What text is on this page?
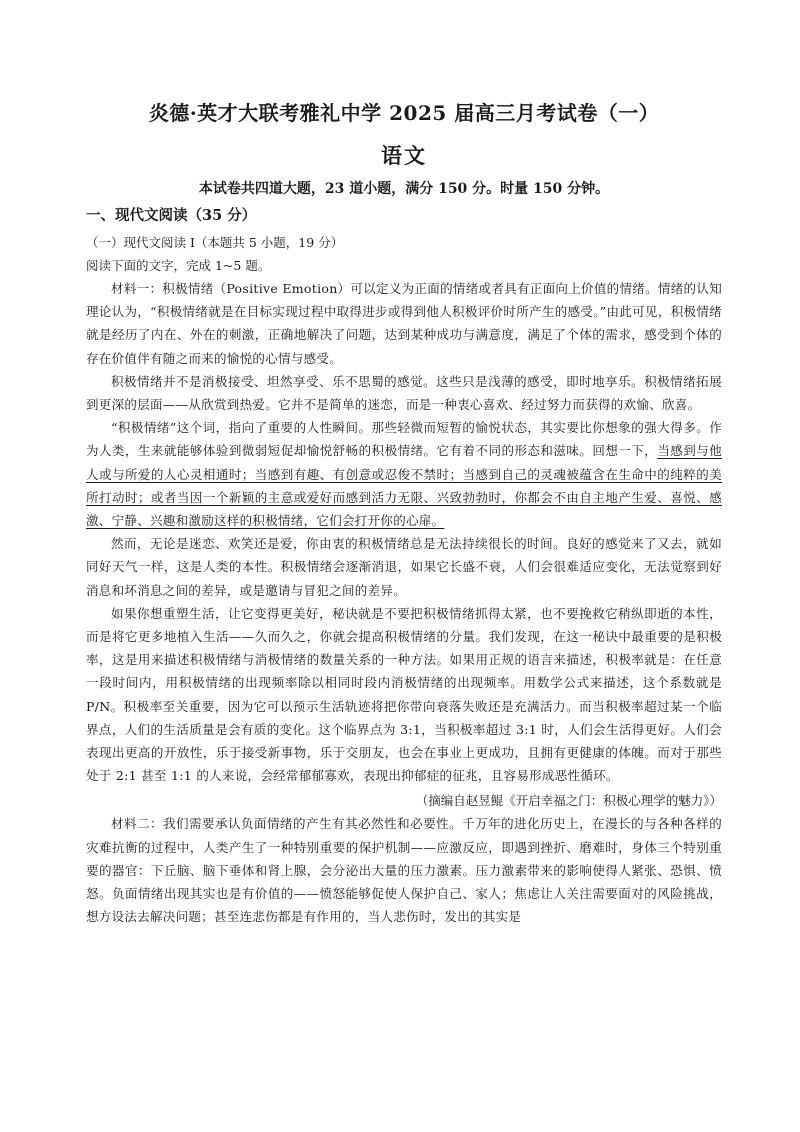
炎德·英才大联考雅礼中学 2025 届高三月考试卷（一）
语文

本试卷共四道大题，23 道小题，满分 150 分。时量 150 分钟。

一、现代文阅读（35 分）

（一）现代文阅读 I（本题共 5 小题，19 分）

阅读下面的文字，完成 1~5 题。

材料一：积极情绪（Positive Emotion）可以定义为正面的情绪或者具有正面向上价值的情绪。情绪的认知理论认为，“积极情绪就是在目标实现过程中取得进步或得到他人积极评价时所产生的感受。”由此可见，积极情绪就是经历了内在、外在的刺激，正确地解决了问题，达到某种成功与满意度，满足了个体的需求，感受到个体的存在价值伴有随之而来的愉悦的心情与感受。

积极情绪并不是消极接受、坦然享受、乐不思蜀的感觉。这些只是浅薄的感受，即时地享乐。积极情绪拓展到更深的层面——从欣赏到热爱。它并不是简单的迷恋，而是一种衷心喜欢、经过努力而获得的欢愉、欣喜。

“积极情绪”这个词，指向了重要的人性瞬间。那些轻微而短暂的愉悦状态，其实要比你想象的强大得多。作为人类，生来就能够体验到微弱短促却愉悦舒畅的积极情绪。它有着不同的形态和滋味。回想一下，当感到与他人或与所爱的人心灵相通时；当感到有趣、有创意或忍俊不禁时；当感到自己的灵魂被蕴含在生命中的纯粹的美所打动时；或者当因一个新颖的主意或爱好而感到活力无限、兴致勃勃时，你都会不由自主地产生爱、喜悦、感激、宁静、兴趣和激励这样的积极情绪，它们会打开你的心扉。

然而，无论是迷恋、欢笑还是爱，你由衷的积极情绪总是无法持续很长的时间。良好的感觉来了又去，就如同好天气一样，这是人类的本性。积极情绪会逐渐消退，如果它长盛不衰，人们会很难适应变化，无法觉察到好消息和坏消息之间的差异，或是邀请与冒犯之间的差异。

如果你想重塑生活，让它变得更美好，秘诀就是不要把积极情绪抓得太紧，也不要挽救它稍纵即逝的本性，而是将它更多地植入生活——久而久之，你就会提高积极情绪的分量。我们发现，在这一秘诀中最重要的是积极率，这是用来描述积极情绪与消极情绪的数量关系的一种方法。如果用正规的语言来描述，积极率就是：在任意一段时间内，用积极情绪的出现频率除以相同时段内消极情绪的出现频率。用数学公式来描述，这个系数就是 P/N。积极率至关重要，因为它可以预示生活轨迹将把你带向衰落失败还是充满活力。而当积极率超过某一个临界点，人们的生活质量是会有质的变化。这个临界点为 3:1，当积极率超过 3:1 时，人们会生活得更好。人们会表现出更高的开放性，乐于接受新事物，乐于交朋友，也会在事业上更成功，且拥有更健康的体魄。而对于那些处于 2:1 甚至 1:1 的人来说，会经常郁郁寡欢，表现出抑郁症的征兆，且容易形成恶性循环。

（摘编自赵昱鲲《开启幸福之门：积极心理学的魅力》）

材料二：我们需要承认负面情绪的产生有其必然性和必要性。千万年的进化历史上，在漫长的与各种各样的灾难抗衡的过程中，人类产生了一种特别重要的保护机制——应激反应，即遇到挫折、磨难时，身体三个特别重要的器官：下丘脑、脑下垂体和肾上腺，会分泌出大量的压力激素。压力激素带来的影响使得人紧张、恐惧、愤怒。负面情绪出现其实也是有价值的——愤怒能够促使人保护自己、家人；焦虑让人关注需要面对的风险挑战，想方设法去解决问题；甚至连悲伤都是有作用的，当人悲伤时，发出的其实是
